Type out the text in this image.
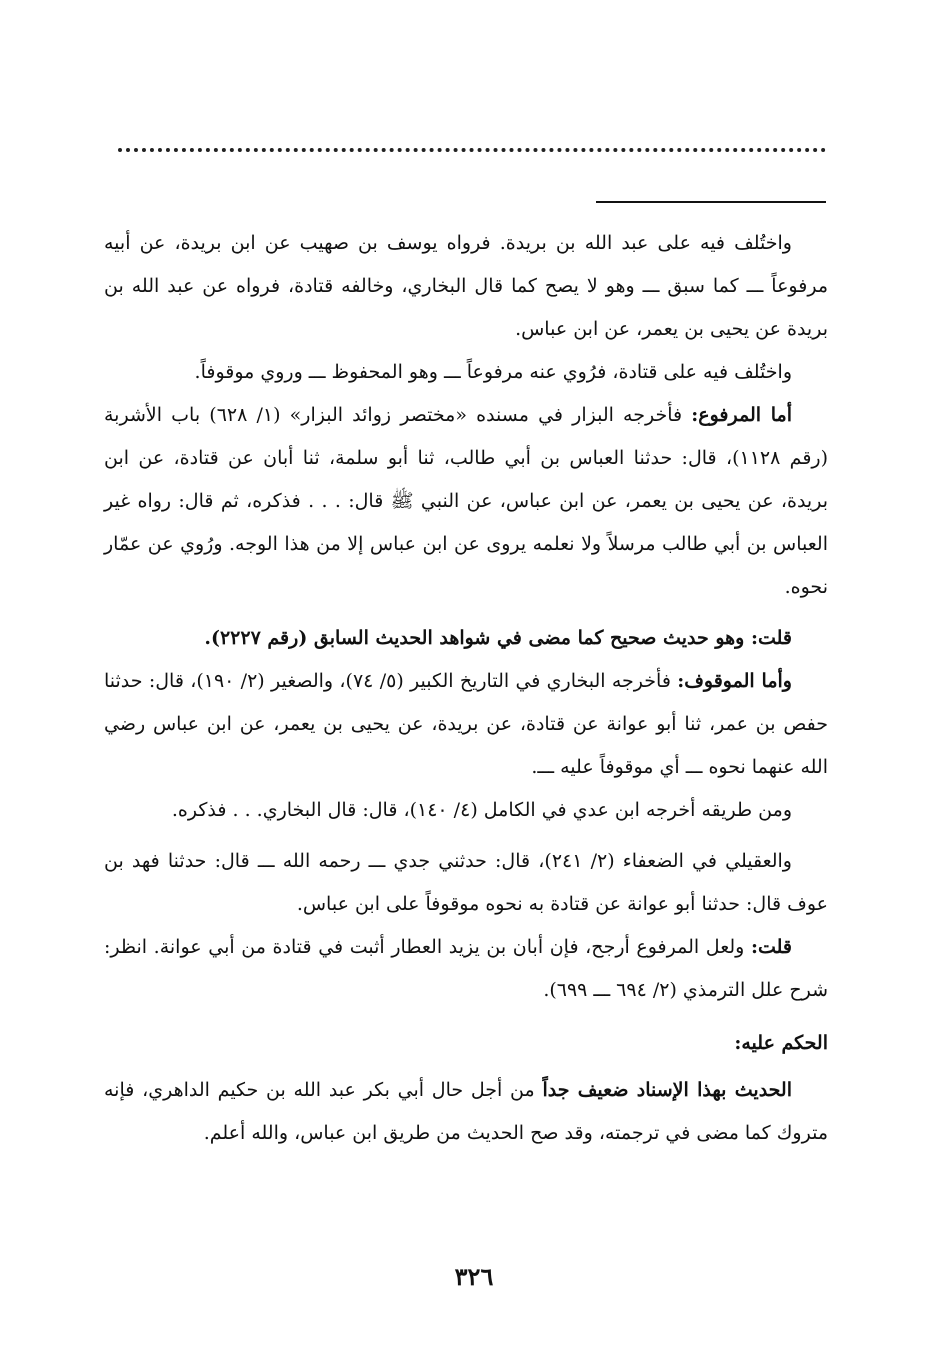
واختُلف فيه على عبد الله بن بريدة. فرواه يوسف بن صهيب عن ابن بريدة، عن أبيه مرفوعاً ـــ كما سبق ـــ وهو لا يصح كما قال البخاري، وخالفه قتادة، فرواه عن عبد الله بن بريدة عن يحيى بن يعمر، عن ابن عباس.

واختُلف فيه على قتادة، فرُوي عنه مرفوعاً ـــ وهو المحفوظ ـــ وروي موقوفاً.

أما المرفوع: فأخرجه البزار في مسنده «مختصر زوائد البزار» (١/ ٦٢٨) باب الأشربة (رقم ١١٢٨)، قال: حدثنا العباس بن أبي طالب، ثنا أبو سلمة، ثنا أبان عن قتادة، عن ابن بريدة، عن يحيى بن يعمر، عن ابن عباس، عن النبي ﷺ قال: . . . فذكره، ثم قال: رواه غير العباس بن أبي طالب مرسلاً ولا نعلمه يروى عن ابن عباس إلا من هذا الوجه. ورُوي عن عمّار نحوه.

قلت: وهو حديث صحيح كما مضى في شواهد الحديث السابق (رقم ٢٢٢٧).

وأما الموقوف: فأخرجه البخاري في التاريخ الكبير (٥/ ٧٤)، والصغير (٢/ ١٩٠)، قال: حدثنا حفص بن عمر، ثنا أبو عوانة عن قتادة، عن بريدة، عن يحيى بن يعمر، عن ابن عباس رضي الله عنهما نحوه ـــ أي موقوفاً عليه ـــ.

ومن طريقه أخرجه ابن عدي في الكامل (٤/ ١٤٠)، قال: قال البخاري. . . فذكره.

والعقيلي في الضعفاء (٢/ ٢٤١)، قال: حدثني جدي ـــ رحمه الله ـــ قال: حدثنا فهد بن عوف قال: حدثنا أبو عوانة عن قتادة به نحوه موقوفاً على ابن عباس.

قلت: ولعل المرفوع أرجح، فإن أبان بن يزيد العطار أثبت في قتادة من أبي عوانة. انظر: شرح علل الترمذي (٢/ ٦٩٤ ـــ ٦٩٩).

الحكم عليه:

الحديث بهذا الإسناد ضعيف جداً من أجل حال أبي بكر عبد الله بن حكيم الداهري، فإنه متروك كما مضى في ترجمته، وقد صح الحديث من طريق ابن عباس، والله أعلم.

٣٢٦
